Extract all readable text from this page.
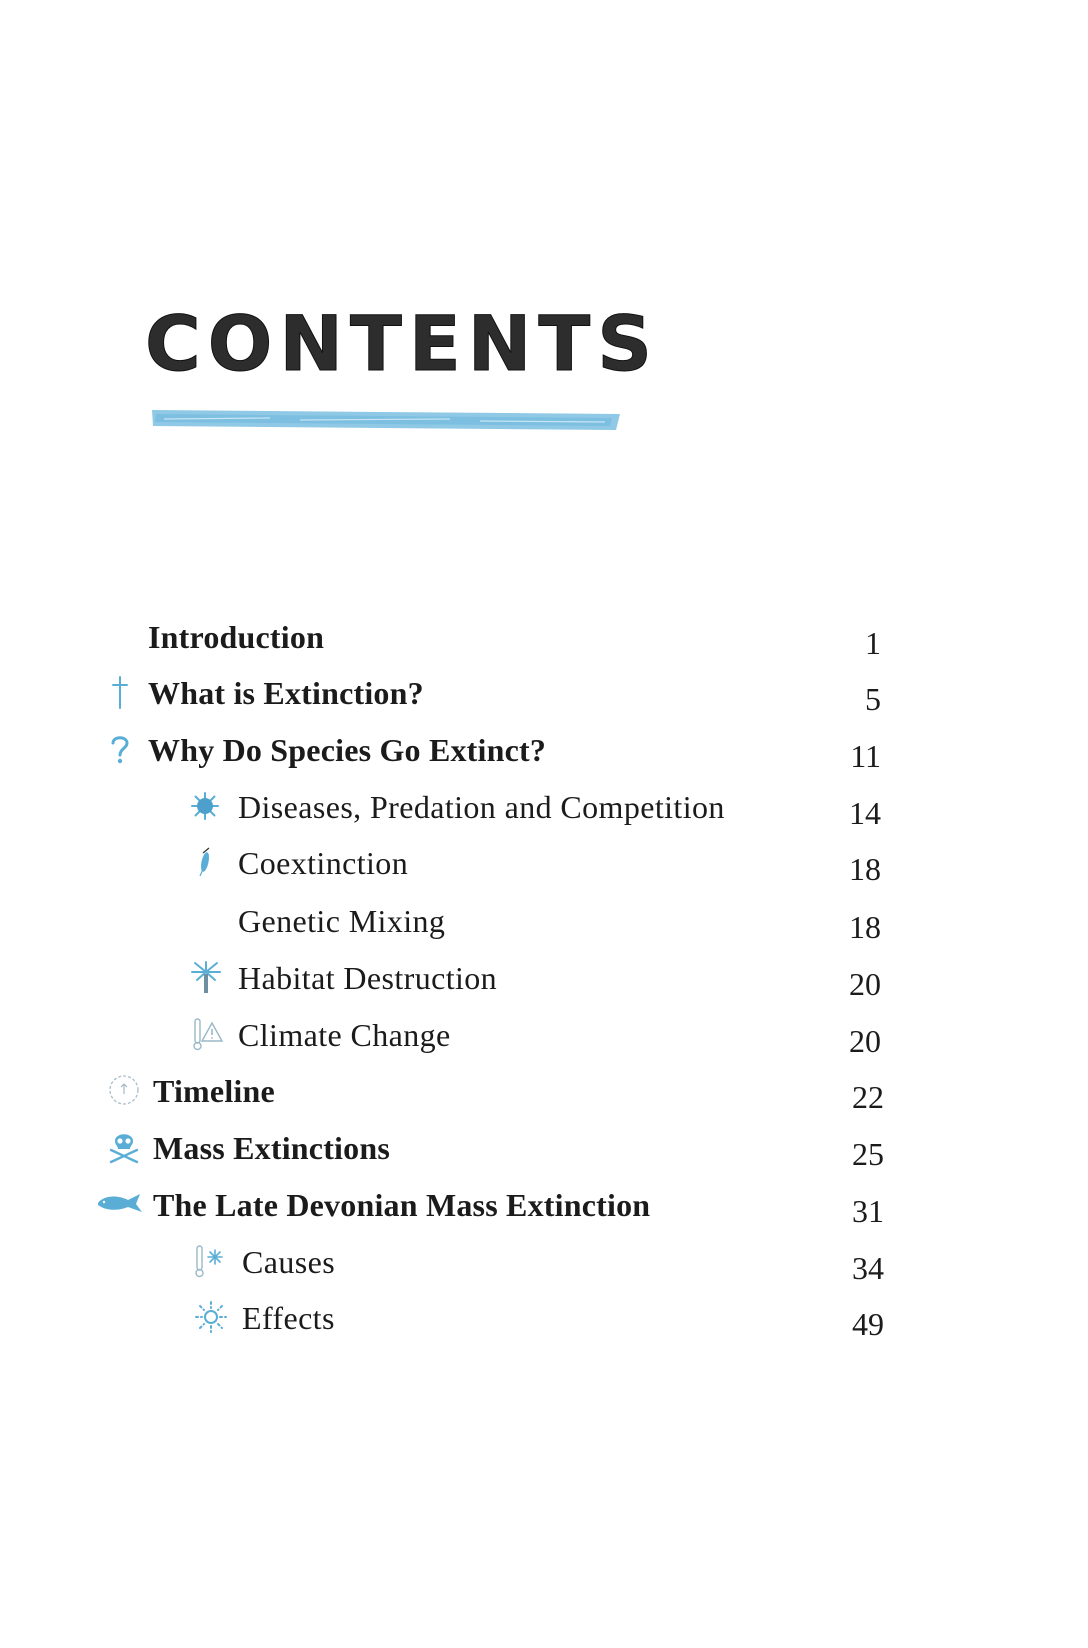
CONTENTS
Introduction	1
What is Extinction?	5
Why Do Species Go Extinct?	11
Diseases, Predation and Competition	14
Coextinction	18
Genetic Mixing	18
Habitat Destruction	20
Climate Change	20
Timeline	22
Mass Extinctions	25
The Late Devonian Mass Extinction	31
Causes	34
Effects	49
